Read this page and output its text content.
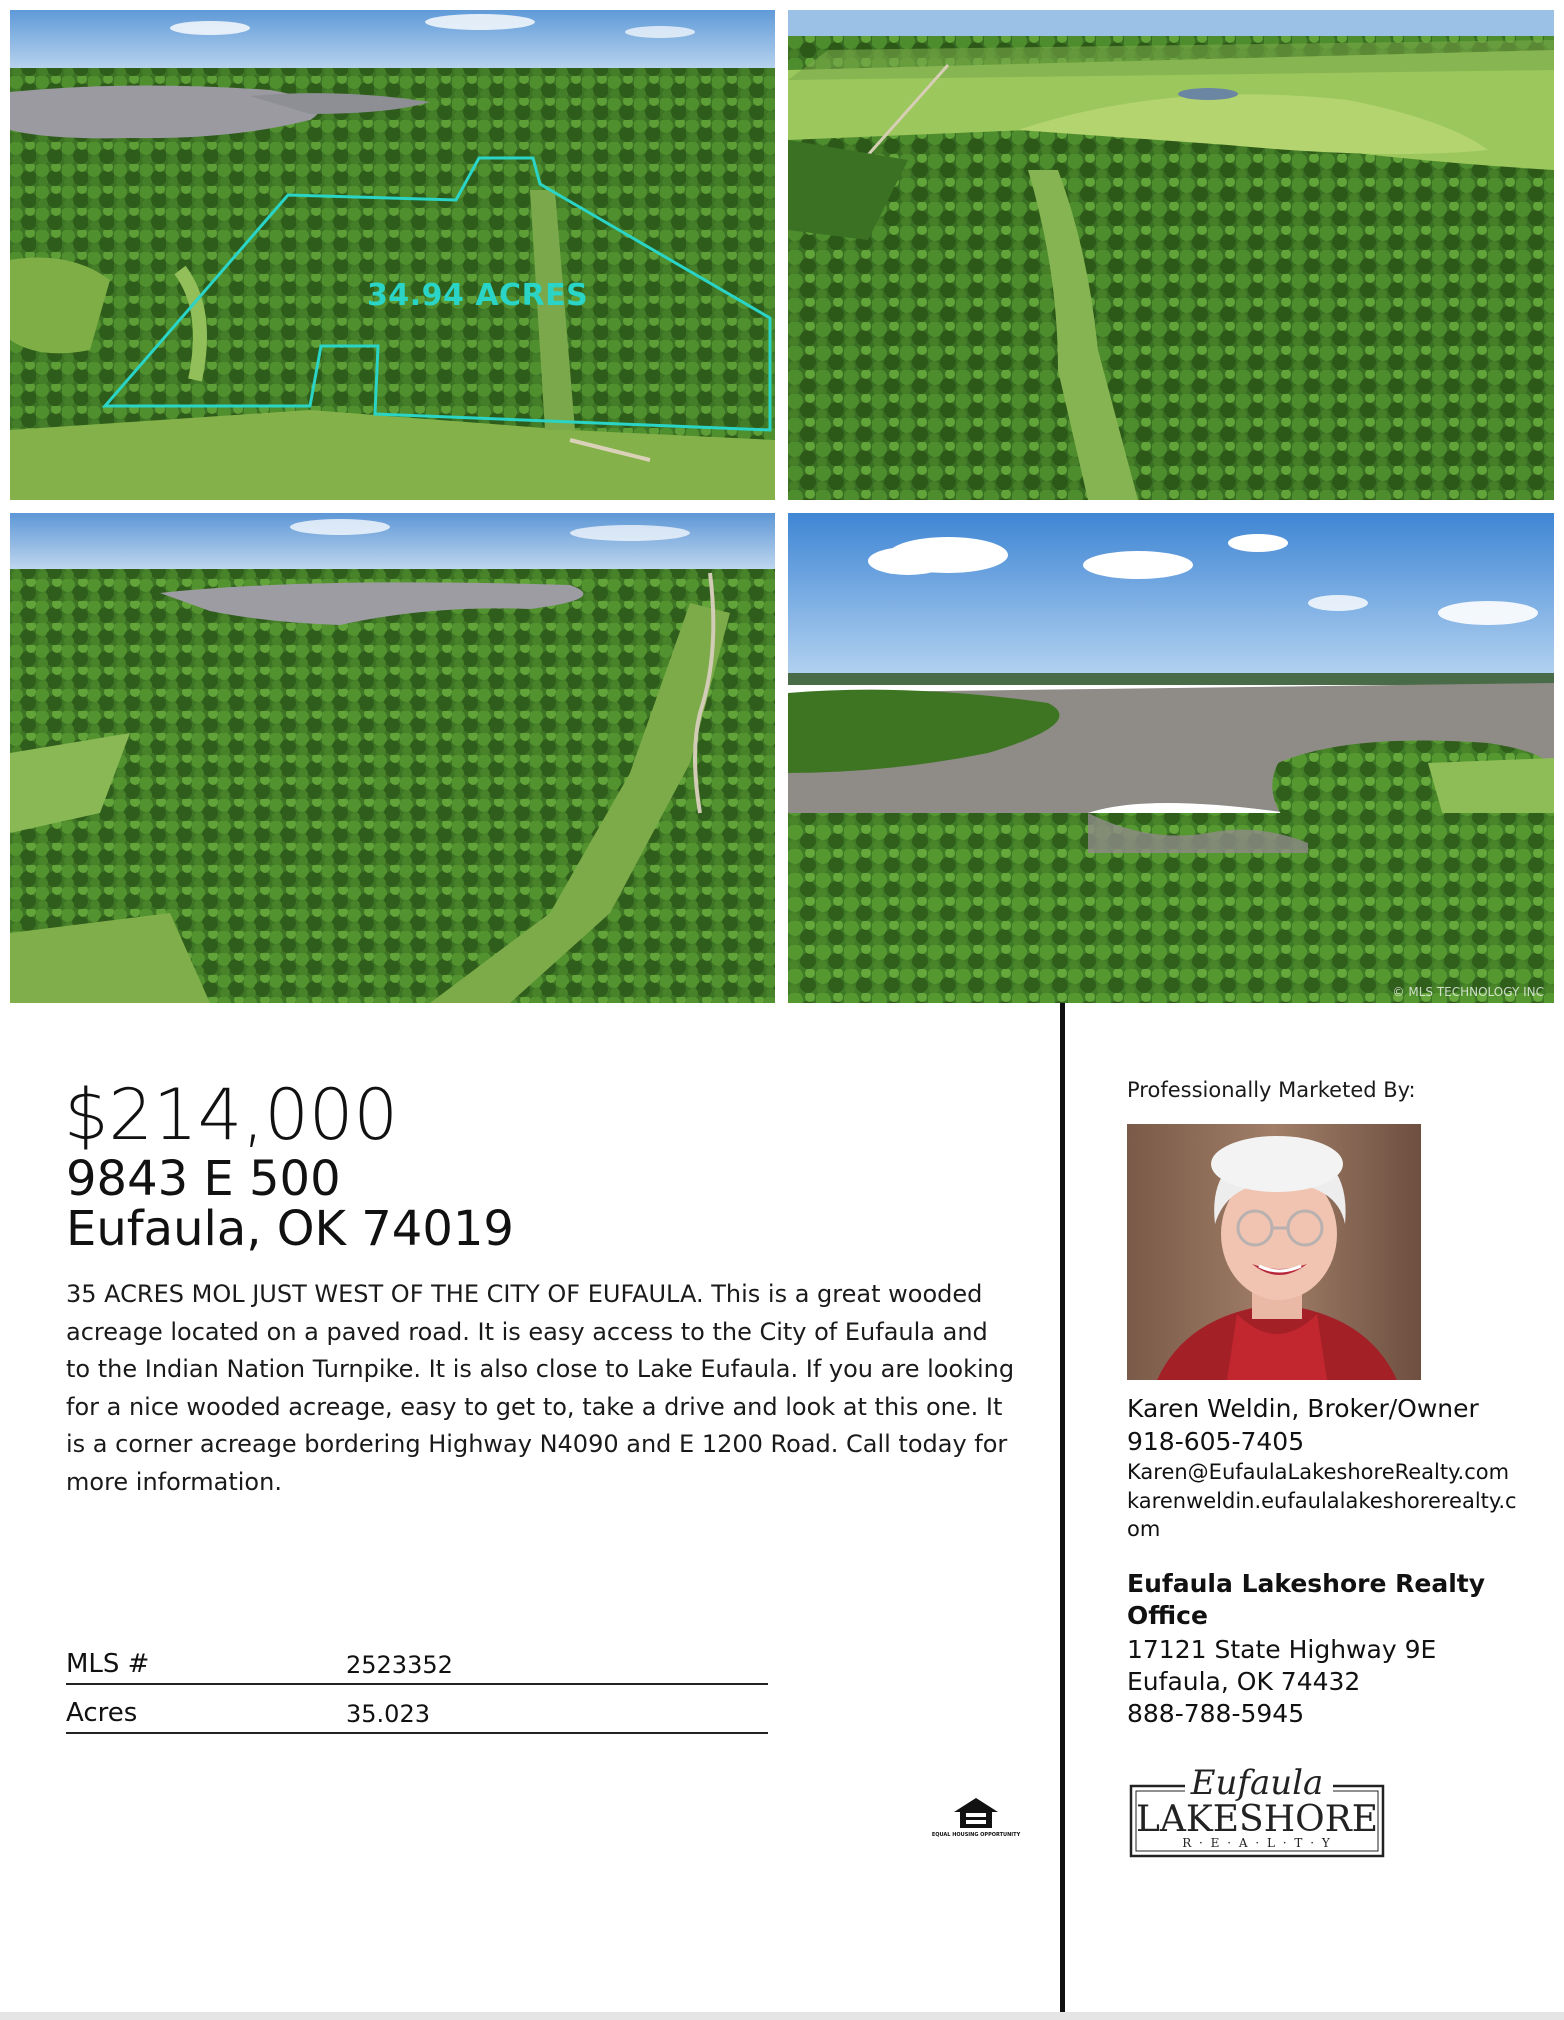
34.94 ACRES
© MLS TECHNOLOGY INC
$214,000
9843 E 500
Eufaula, OK 74019
35 ACRES MOL JUST WEST OF THE CITY OF EUFAULA. This is a great wooded acreage located on a paved road. It is easy access to the City of Eufaula and to the Indian Nation Turnpike. It is also close to Lake Eufaula. If you are looking for a nice wooded acreage, easy to get to, take a drive and look at this one. It is a corner acreage bordering Highway N4090 and E 1200 Road. Call today for more information.
MLS #	2523352
Acres	35.023
EQUAL HOUSING OPPORTUNITY
Professionally Marketed By:
Karen Weldin, Broker/Owner
918-605-7405
Karen@EufaulaLakeshoreRealty.com
karenweldin.eufaulalakeshorerealty.com
Eufaula Lakeshore Realty Office
17121 State Highway 9E
Eufaula, OK 74432
888-788-5945
Eufaula
LAKESHORE
R · E · A · L · T · Y
